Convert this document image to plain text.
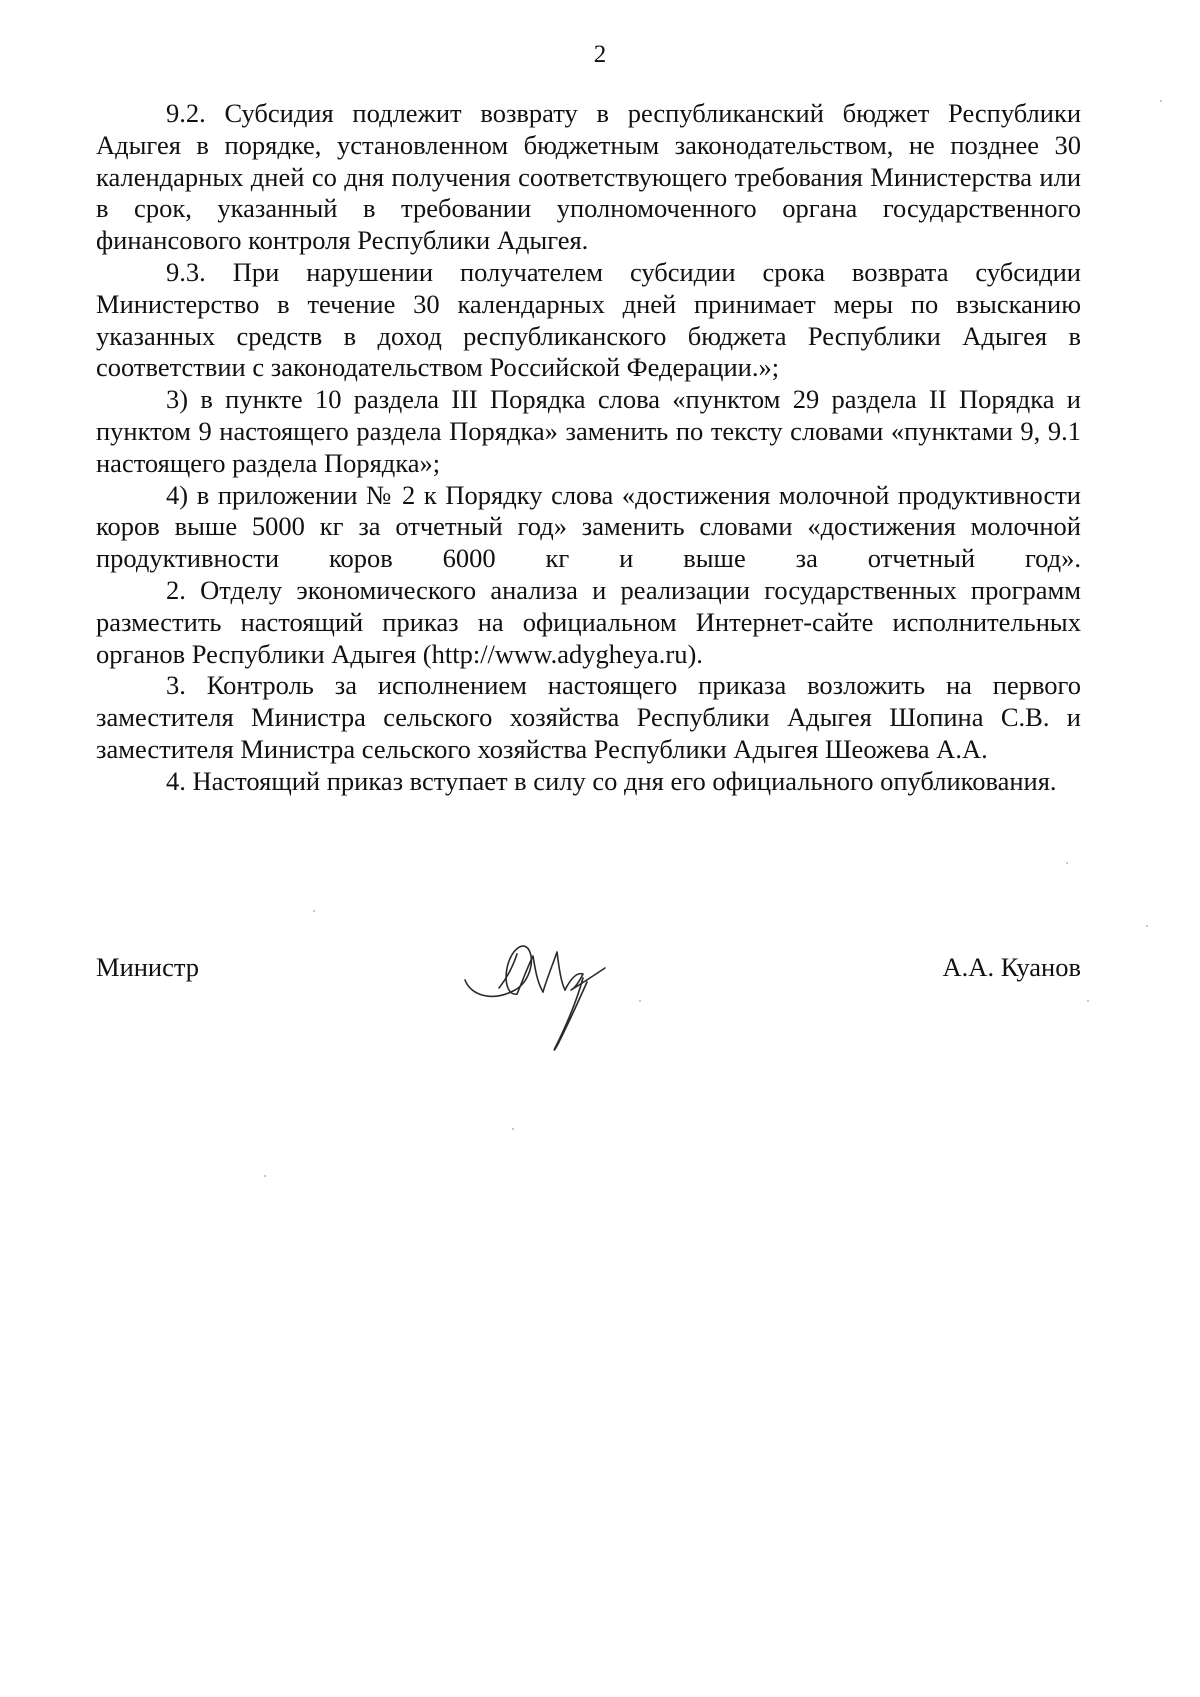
2

9.2. Субсидия подлежит возврату в республиканский бюджет Республики Адыгея в порядке, установленном бюджетным законодательством, не позднее 30 календарных дней со дня получения соответствующего требования Министерства или в срок, указанный в требовании уполномоченного органа государственного финансового контроля Республики Адыгея.

9.3. При нарушении получателем субсидии срока возврата субсидии Министерство в течение 30 календарных дней принимает меры по взысканию указанных средств в доход республиканского бюджета Республики Адыгея в соответствии с законодательством Российской Федерации.»;

3) в пункте 10 раздела III Порядка слова «пунктом 29 раздела II Порядка и пунктом 9 настоящего раздела Порядка» заменить по тексту словами «пунктами 9, 9.1 настоящего раздела Порядка»;

4) в приложении № 2 к Порядку слова «достижения молочной продуктивности коров выше 5000 кг за отчетный год» заменить словами «достижения молочной продуктивности коров 6000 кг и выше за отчетный год».

2. Отделу экономического анализа и реализации государственных программ разместить настоящий приказ на официальном Интернет-сайте исполнительных органов Республики Адыгея (http://www.adygheya.ru).

3. Контроль за исполнением настоящего приказа возложить на первого заместителя Министра сельского хозяйства Республики Адыгея Шопина С.В. и заместителя Министра сельского хозяйства Республики Адыгея Шеожева А.А.

4. Настоящий приказ вступает в силу со дня его официального опубликования.

Министр	А.А. Куанов
